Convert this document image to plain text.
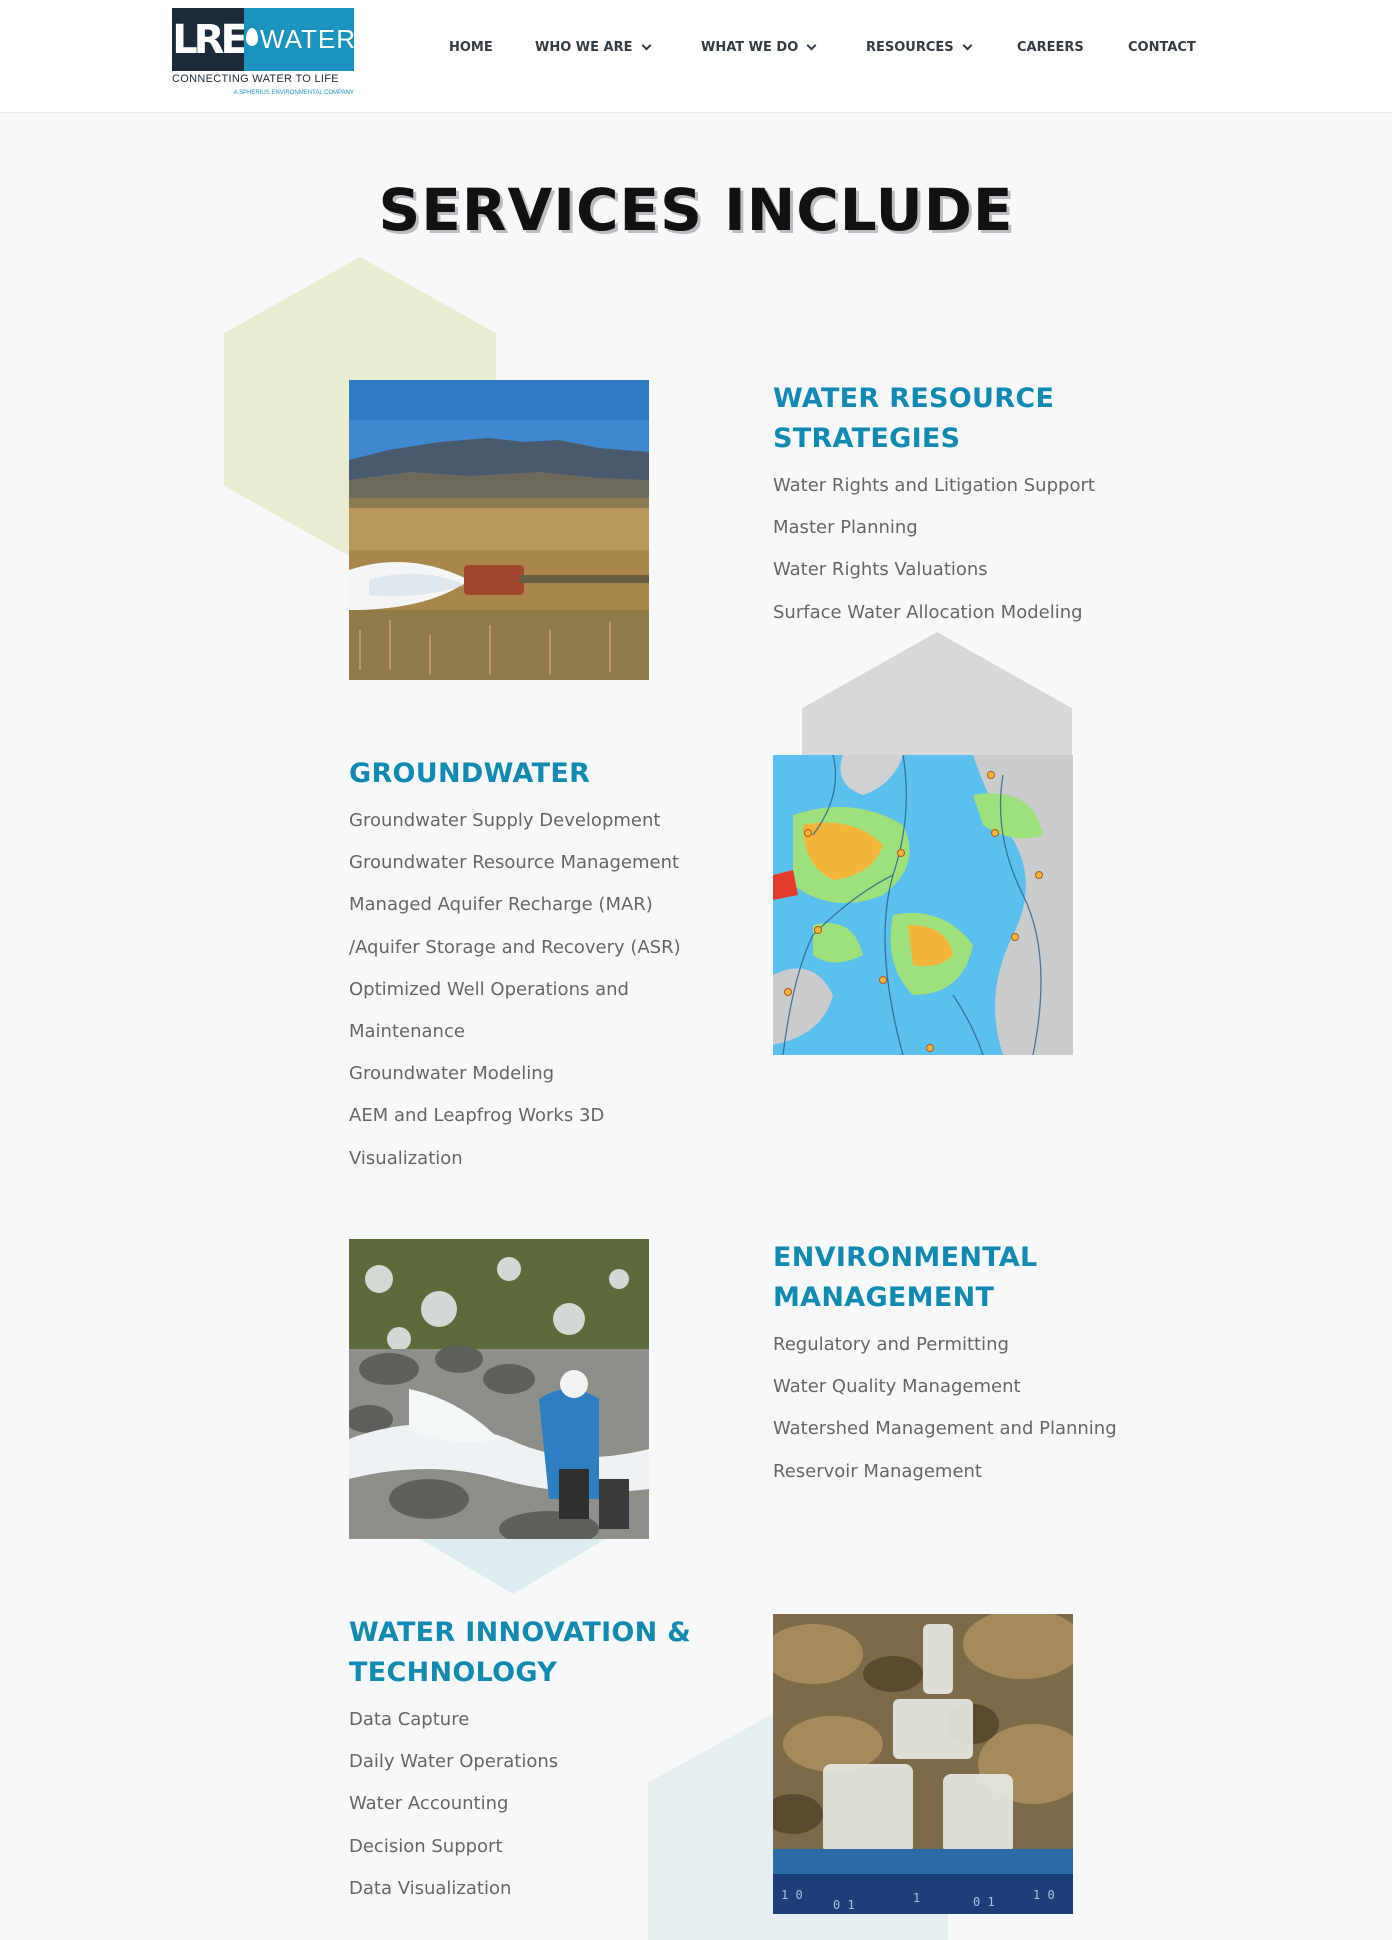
LRE WATER
CONNECTING WATER TO LIFE
A SPHERIUS ENVIRONMENTAL COMPANY
HOME	WHO WE ARE	WHAT WE DO	RESOURCES	CAREERS	CONTACT
SERVICES INCLUDE
WATER RESOURCE STRATEGIES
Water Rights and Litigation Support
Master Planning
Water Rights Valuations
Surface Water Allocation Modeling
GROUNDWATER
Groundwater Supply Development
Groundwater Resource Management
Managed Aquifer Recharge (MAR)
/Aquifer Storage and Recovery (ASR)
Optimized Well Operations and
Maintenance
Groundwater Modeling
AEM and Leapfrog Works 3D
Visualization
ENVIRONMENTAL MANAGEMENT
Regulatory and Permitting
Water Quality Management
Watershed Management and Planning
Reservoir Management
WATER INNOVATION & TECHNOLOGY
Data Capture
Daily Water Operations
Water Accounting
Decision Support
Data Visualization	1 0
0 1	1	0 1	1 0
